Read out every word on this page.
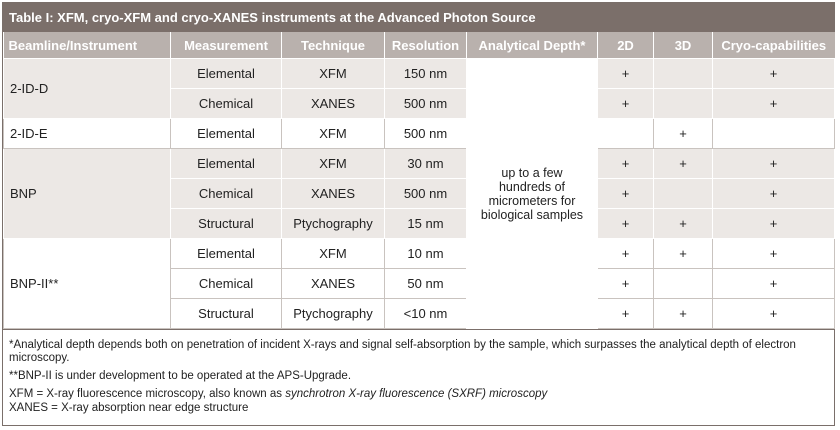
Table I: XFM, cryo-XFM and cryo-XANES instruments at the Advanced Photon Source
Beamline/Instrument	Measurement	Technique	Resolution	Analytical Depth*	2D	3D	Cryo-capabilities
2-ID-D	Elemental	XFM	150 nm	up to a few hundreds of micrometers for biological samples	+		+
	Chemical	XANES	500 nm		+		+
2-ID-E	Elemental	XFM	500 nm			+	
BNP	Elemental	XFM	30 nm		+	+	+
	Chemical	XANES	500 nm		+		+
	Structural	Ptychography	15 nm		+	+	+
BNP-II**	Elemental	XFM	10 nm		+	+	+
	Chemical	XANES	50 nm		+		+
	Structural	Ptychography	<10 nm		+	+	+

*Analytical depth depends both on penetration of incident X-rays and signal self-absorption by the sample, which surpasses the analytical depth of electron microscopy.

**BNP-II is under development to be operated at the APS-Upgrade.

XFM = X-ray fluorescence microscopy, also known as synchrotron X-ray fluorescence (SXRF) microscopy

XANES = X-ray absorption near edge structure
